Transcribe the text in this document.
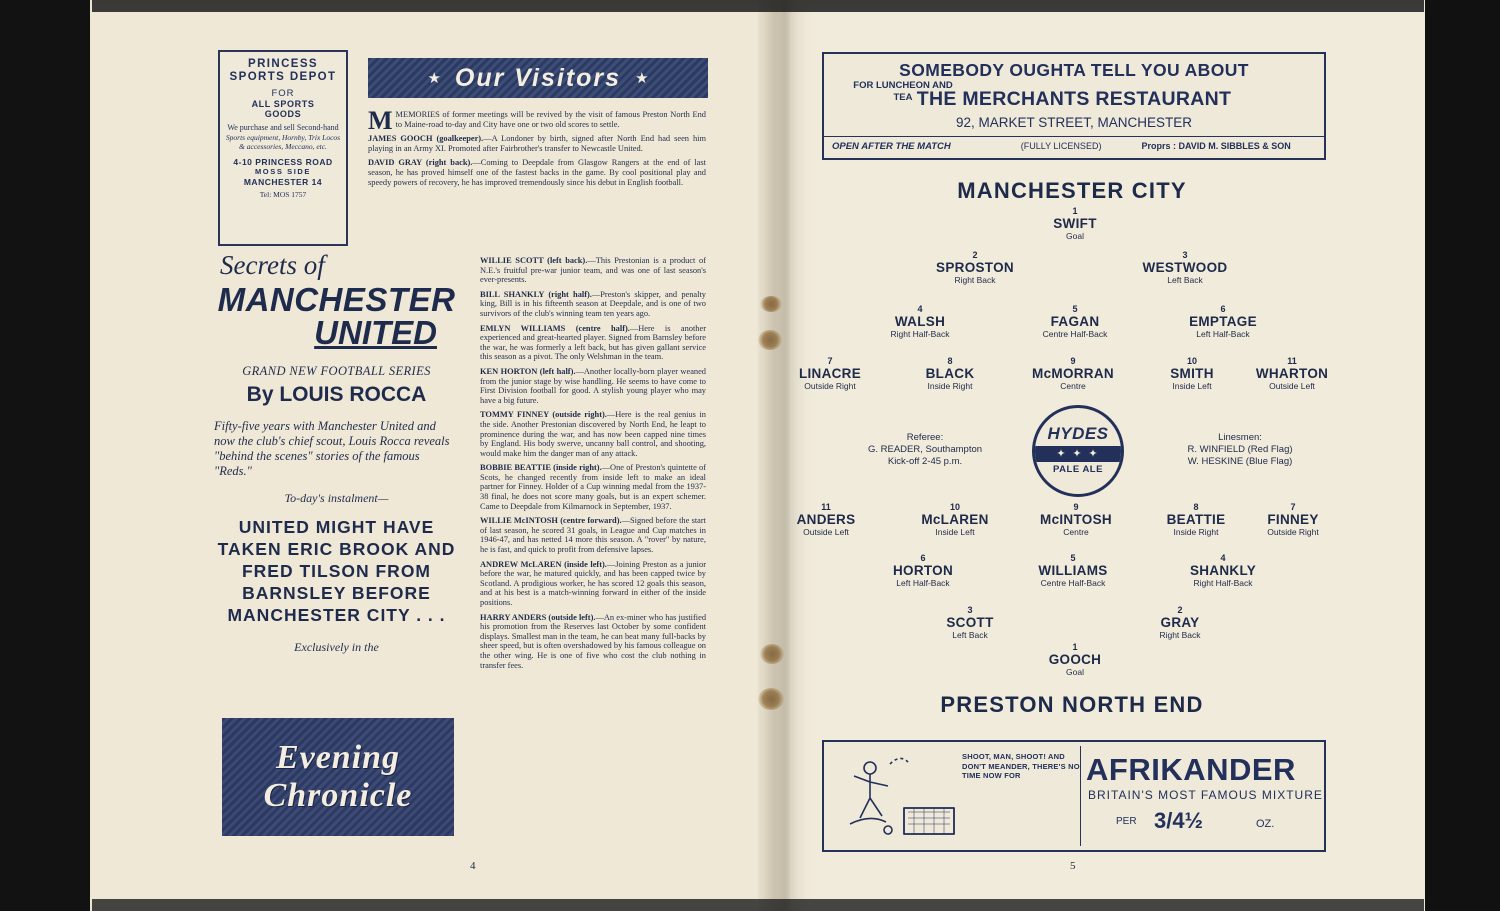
PRINCESS
SPORTS DEPOT
FOR
ALL SPORTS
GOODS
We purchase and sell Second-hand
Sports equipment, Hornby, Trix Locos & accessories, Meccano, etc.
4-10 PRINCESS ROAD
MOSS SIDE
MANCHESTER 14
Tel: MOS 1757
★ Our Visitors ★

MMEMORIES of former meetings will be revived by the visit of famous Preston North End to Maine-road to-day and City have one or two old scores to settle.

JAMES GOOCH (goalkeeper).—A Londoner by birth, signed after North End had seen him playing in an Army XI. Promoted after Fairbrother's transfer to Newcastle United.

DAVID GRAY (right back).—Coming to Deepdale from Glasgow Rangers at the end of last season, he has proved himself one of the fastest backs in the game. By cool positional play and speedy powers of recovery, he has improved tremendously since his debut in English football.

WILLIE SCOTT (left back).—This Prestonian is a product of N.E.'s fruitful pre-war junior team, and was one of last season's ever-presents.

BILL SHANKLY (right half).—Preston's skipper, and penalty king, Bill is in his fifteenth season at Deepdale, and is one of two survivors of the club's winning team ten years ago.

EMLYN WILLIAMS (centre half).—Here is another experienced and great-hearted player. Signed from Barnsley before the war, he was formerly a left back, but has given gallant service this season as a pivot. The only Welshman in the team.

KEN HORTON (left half).—Another locally-born player weaned from the junior stage by wise handling. He seems to have come to First Division football for good. A stylish young player who may have a big future.

TOMMY FINNEY (outside right).—Here is the real genius in the side. Another Prestonian discovered by North End, he leapt to prominence during the war, and has now been capped nine times by England. His body swerve, uncanny ball control, and shooting, would make him the danger man of any attack.

BOBBIE BEATTIE (inside right).—One of Preston's quintette of Scots, he changed recently from inside left to make an ideal partner for Finney. Holder of a Cup winning medal from the 1937-38 final, he does not score many goals, but is an expert schemer. Came to Deepdale from Kilmarnock in September, 1937.

WILLIE McINTOSH (centre forward).—Signed before the start of last season, he scored 31 goals, in League and Cup matches in 1946-47, and has netted 14 more this season. A "rover" by nature, he is fast, and quick to profit from defensive lapses.

ANDREW McLAREN (inside left).—Joining Preston as a junior before the war, he matured quickly, and has been capped twice by Scotland. A prodigious worker, he has scored 12 goals this season, and at his best is a match-winning forward in either of the inside positions.

HARRY ANDERS (outside left).—An ex-miner who has justified his promotion from the Reserves last October by some confident displays. Smallest man in the team, he can beat many full-backs by sheer speed, but is often overshadowed by his famous colleague on the other wing. He is one of five who cost the club nothing in transfer fees.

Secrets of
MANCHESTER
UNITED
GRAND NEW FOOTBALL SERIES
By LOUIS ROCCA
Fifty-five years with Manchester United and now the club's chief scout, Louis Rocca reveals "behind the scenes" stories of the famous "Reds."
To-day's instalment—
UNITED MIGHT HAVE TAKEN ERIC BROOK AND FRED TILSON FROM BARNSLEY BEFORE MANCHESTER CITY . . .
Exclusively in the
Evening
Chronicle
4
SOMEBODY OUGHTA TELL YOU ABOUT
FOR LUNCHEON AND TEA THE MERCHANTS RESTAURANT
92, MARKET STREET, MANCHESTER
OPEN AFTER THE MATCH	(FULLY LICENSED)	Proprs : DAVID M. SIBBLES & SON
MANCHESTER CITY
1
SWIFT
Goal
2
SPROSTON
Right Back
3
WESTWOOD
Left Back
4
WALSH
Right Half-Back
5
FAGAN
Centre Half-Back
6
EMPTAGE
Left Half-Back
7
LINACRE
Outside Right
8
BLACK
Inside Right
9
McMORRAN
Centre
10
SMITH
Inside Left
11
WHARTON
Outside Left
Referee:
G. READER, Southampton
Kick-off 2-45 p.m.
Linesmen:
R. WINFIELD (Red Flag)
W. HESKINE (Blue Flag)
HYDES
✦ ✦ ✦
PALE ALE
11
ANDERS
Outside Left
10
McLAREN
Inside Left
9
McINTOSH
Centre
8
BEATTIE
Inside Right
7
FINNEY
Outside Right
6
HORTON
Left Half-Back
5
WILLIAMS
Centre Half-Back
4
SHANKLY
Right Half-Back
3
SCOTT
Left Back
2
GRAY
Right Back
1
GOOCH
Goal
PRESTON NORTH END
SHOOT, MAN, SHOOT! AND DON'T MEANDER, THERE'S NO TIME NOW FOR	AFRIKANDER
BRITAIN'S MOST FAMOUS MIXTURE
PER 3/4½	OZ.
5
